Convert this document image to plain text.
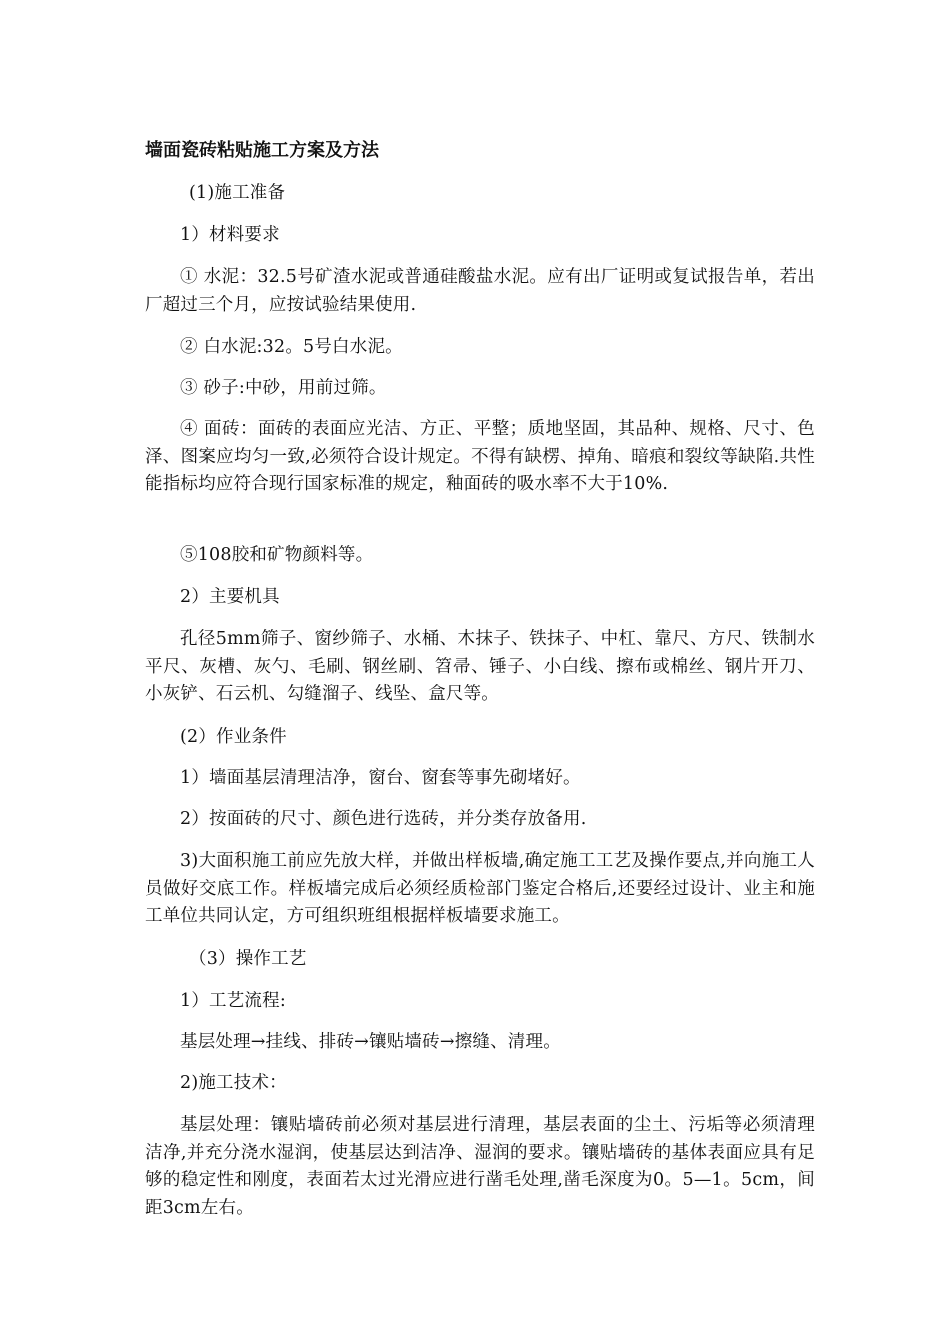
墙面瓷砖粘贴施工方案及方法
(1)施工准备
1）材料要求
① 水泥：32.5号矿渣水泥或普通硅酸盐水泥。应有出厂证明或复试报告单，若出厂超过三个月，应按试验结果使用.
② 白水泥:32。5号白水泥。
③ 砂子:中砂，用前过筛。
④ 面砖：面砖的表面应光洁、方正、平整；质地坚固，其品种、规格、尺寸、色泽、图案应均匀一致,必须符合设计规定。不得有缺楞、掉角、暗痕和裂纹等缺陷.共性能指标均应符合现行国家标准的规定，釉面砖的吸水率不大于10%.
⑤108胶和矿物颜料等。
2）主要机具
孔径5mm筛子、窗纱筛子、水桶、木抹子、铁抹子、中杠、靠尺、方尺、铁制水平尺、灰槽、灰勺、毛刷、钢丝刷、笤帚、锤子、小白线、擦布或棉丝、钢片开刀、小灰铲、石云机、勾缝溜子、线坠、盒尺等。
(2）作业条件
1）墙面基层清理洁净，窗台、窗套等事先砌堵好。
2）按面砖的尺寸、颜色进行选砖，并分类存放备用.
3)大面积施工前应先放大样，并做出样板墙,确定施工工艺及操作要点,并向施工人员做好交底工作。样板墙完成后必须经质检部门鉴定合格后,还要经过设计、业主和施工单位共同认定，方可组织班组根据样板墙要求施工。
（3）操作工艺
1）工艺流程:
基层处理→挂线、排砖→镶贴墙砖→擦缝、清理。
2)施工技术：
基层处理：镶贴墙砖前必须对基层进行清理，基层表面的尘土、污垢等必须清理洁净,并充分浇水湿润，使基层达到洁净、湿润的要求。镶贴墙砖的基体表面应具有足够的稳定性和刚度，表面若太过光滑应进行凿毛处理,凿毛深度为0。5—1。5cm，间距3cm左右。
